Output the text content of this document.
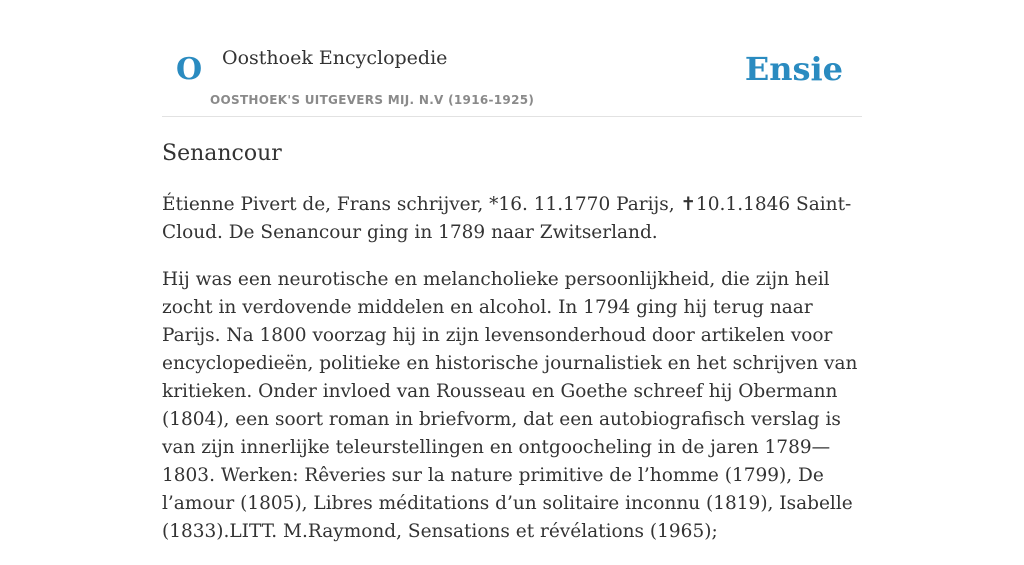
O Oosthoek Encyclopedie
OOSTHOEK'S UITGEVERS MIJ. N.V (1916-1925)
Ensie
Senancour

Étienne Pivert de, Frans schrijver, *16. 11.1770 Parijs, ✝10.1.1846 Saint-Cloud. De Senancour ging in 1789 naar Zwitserland.

Hij was een neurotische en melancholieke persoonlijkheid, die zijn heil zocht in verdovende middelen en alcohol. In 1794 ging hij terug naar Parijs. Na 1800 voorzag hij in zijn levensonderhoud door artikelen voor encyclopedieën, politieke en historische journalistiek en het schrijven van kritieken. Onder invloed van Rousseau en Goethe schreef hij Obermann (1804), een soort roman in briefvorm, dat een autobiografisch verslag is van zijn innerlijke teleurstellingen en ontgoocheling in de jaren 1789—1803. Werken: Rêveries sur la nature primitive de l’homme (1799), De l’amour (1805), Libres méditations d’un solitaire inconnu (1819), Isabelle (1833).LITT. M.Raymond, Sensations et révélations (1965);
